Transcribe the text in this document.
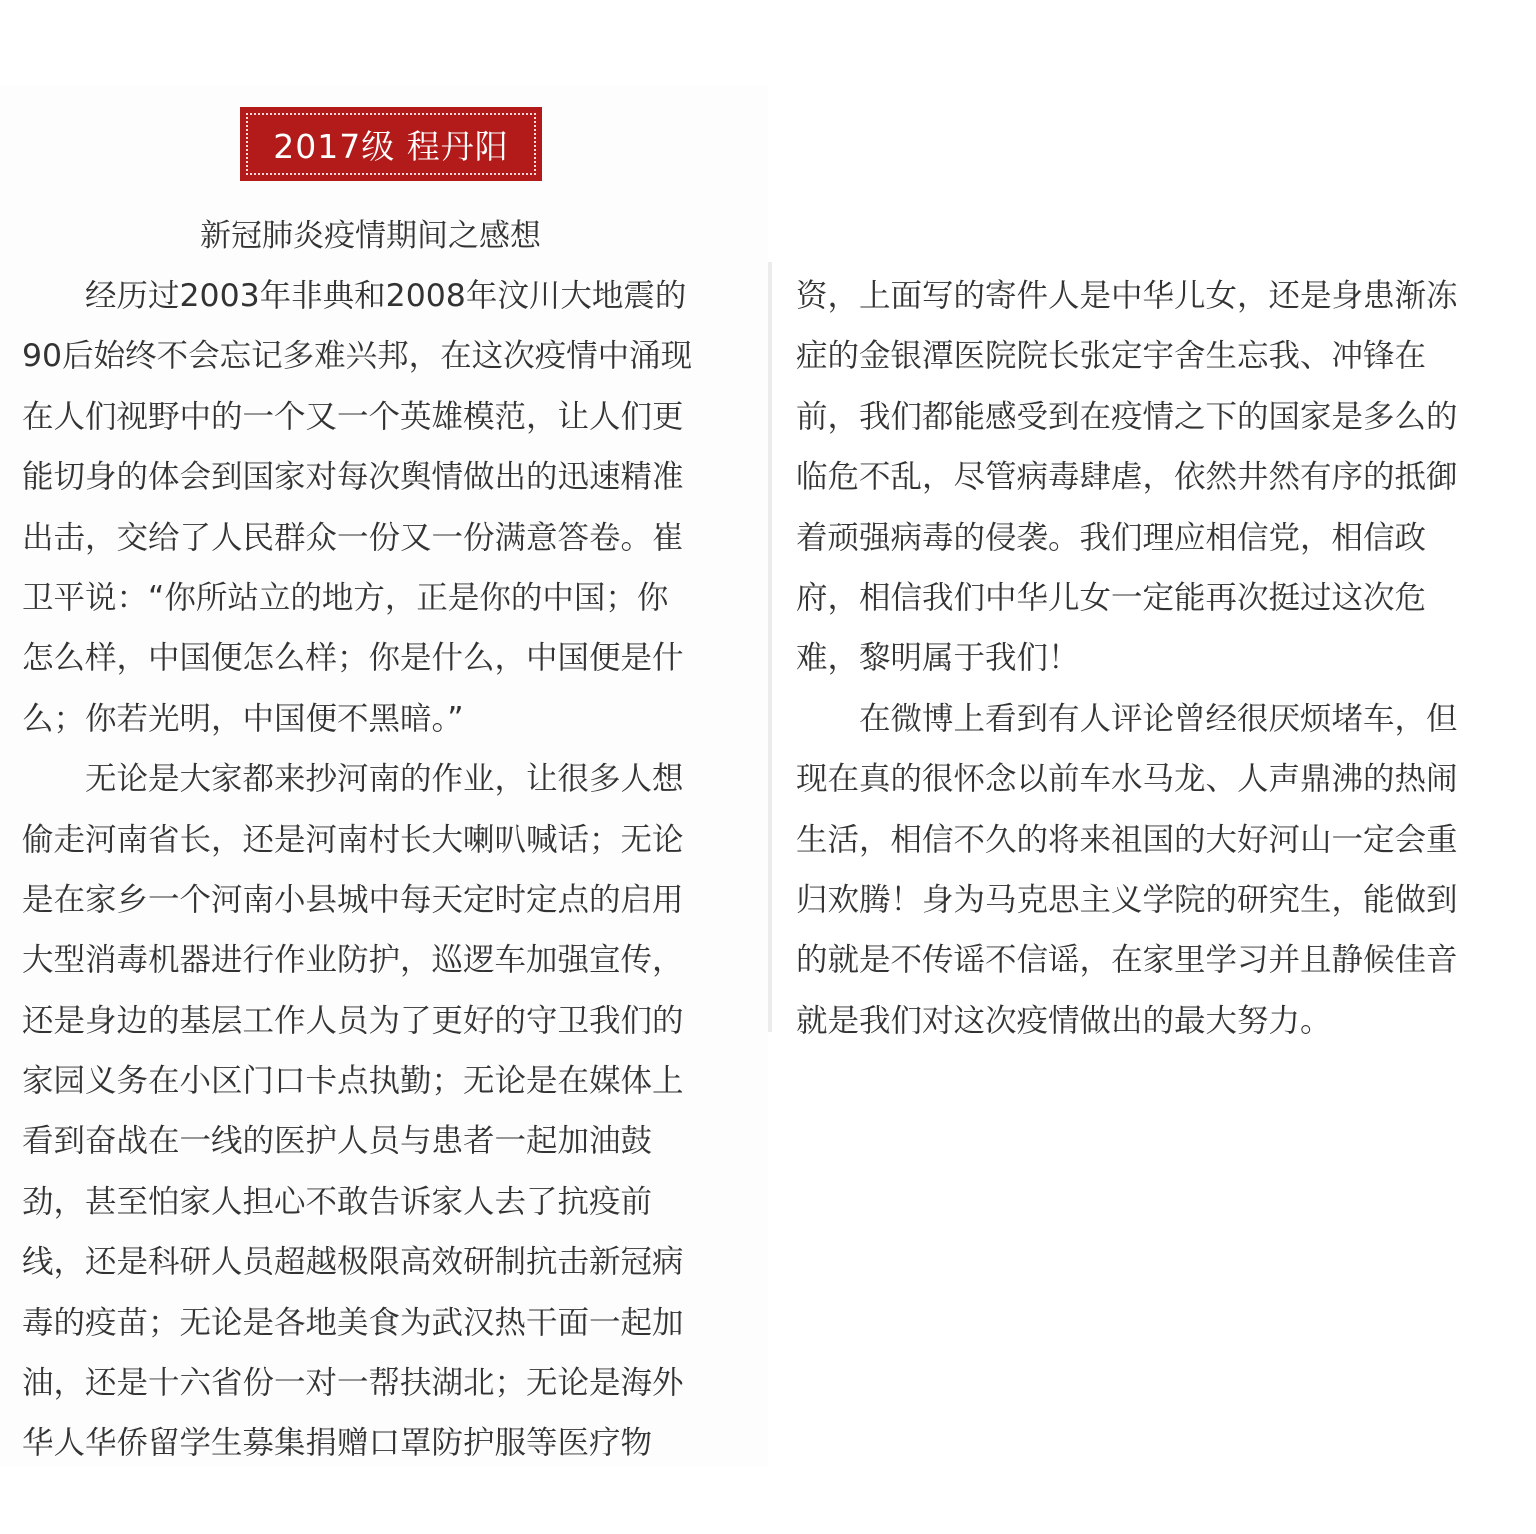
2017级 程丹阳
新冠肺炎疫情期间之感想
　　经历过2003年非典和2008年汶川大地震的
90后始终不会忘记多难兴邦，在这次疫情中涌现
在人们视野中的一个又一个英雄模范，让人们更
能切身的体会到国家对每次舆情做出的迅速精准
出击，交给了人民群众一份又一份满意答卷。崔
卫平说：“你所站立的地方，正是你的中国；你
怎么样，中国便怎么样；你是什么，中国便是什
么；你若光明，中国便不黑暗。”
　　无论是大家都来抄河南的作业，让很多人想
偷走河南省长，还是河南村长大喇叭喊话；无论
是在家乡一个河南小县城中每天定时定点的启用
大型消毒机器进行作业防护，巡逻车加强宣传，
还是身边的基层工作人员为了更好的守卫我们的
家园义务在小区门口卡点执勤；无论是在媒体上
看到奋战在一线的医护人员与患者一起加油鼓
劲，甚至怕家人担心不敢告诉家人去了抗疫前
线，还是科研人员超越极限高效研制抗击新冠病
毒的疫苗；无论是各地美食为武汉热干面一起加
油，还是十六省份一对一帮扶湖北；无论是海外
华人华侨留学生募集捐赠口罩防护服等医疗物
资，上面写的寄件人是中华儿女，还是身患渐冻
症的金银潭医院院长张定宇舍生忘我、冲锋在
前，我们都能感受到在疫情之下的国家是多么的
临危不乱，尽管病毒肆虐，依然井然有序的抵御
着顽强病毒的侵袭。我们理应相信党，相信政
府，相信我们中华儿女一定能再次挺过这次危
难，黎明属于我们！
　　在微博上看到有人评论曾经很厌烦堵车，但
现在真的很怀念以前车水马龙、人声鼎沸的热闹
生活，相信不久的将来祖国的大好河山一定会重
归欢腾！身为马克思主义学院的研究生，能做到
的就是不传谣不信谣，在家里学习并且静候佳音
就是我们对这次疫情做出的最大努力。
